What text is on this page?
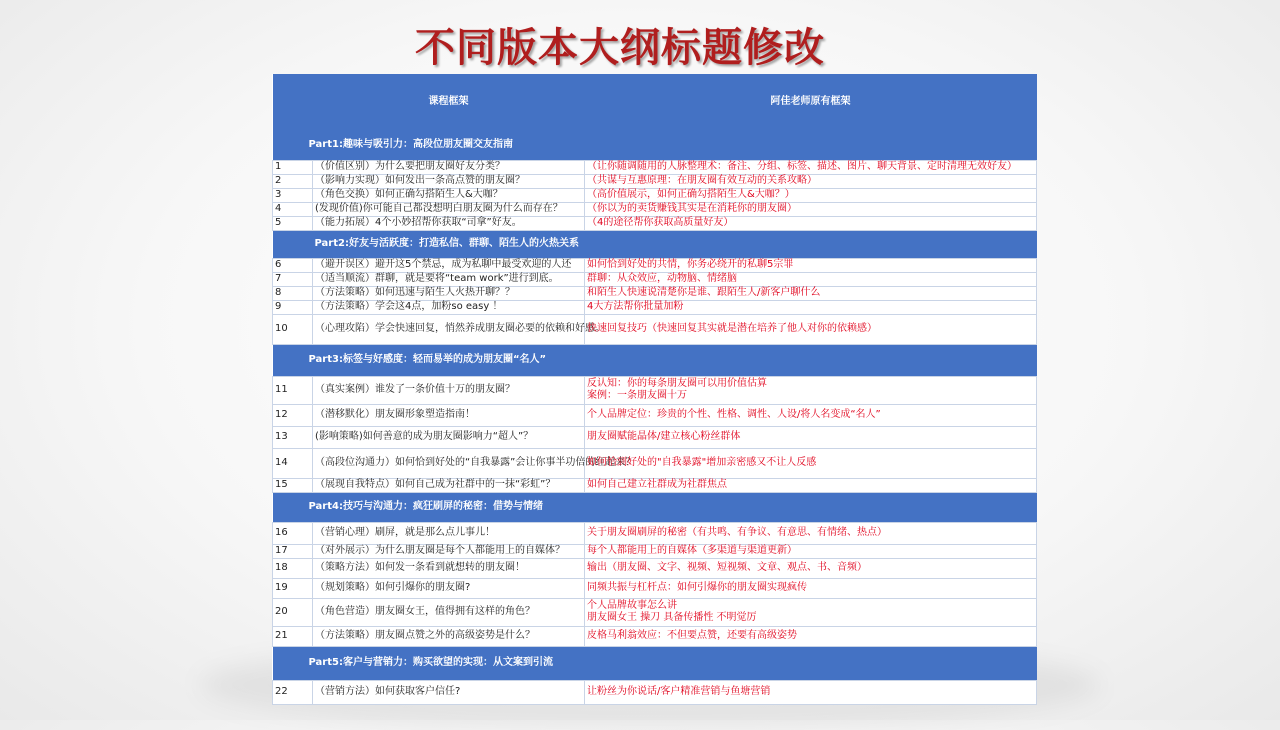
不同版本大纲标题修改
	课程框架	阿佳老师原有框架
Part1:趣味与吸引力：高段位朋友圈交友指南		
1	（价值区别）为什么要把朋友圈好友分类？	（让你随调随用的人脉整理术：备注、分组、标签、描述、图片、聊天背景、定时清理无效好友）
2	（影响力实现）如何发出一条高点赞的朋友圈？	（共谋与互惠原理：在朋友圈有效互动的关系攻略）
3	（角色交换）如何正确勾搭陌生人&大咖？	（高价值展示，如何正确勾搭陌生人&大咖？）
4	(发现价值)你可能自己都没想明白朋友圈为什么而存在？	（你以为的卖货赚钱其实是在消耗你的朋友圈）
5	（能力拓展）4个小妙招帮你获取“司拿”好友。	（4的途径帮你获取高质量好友）
	Part2:好友与活跃度：打造私信、群聊、陌生人的火热关系	
6	（避开误区）避开这5个禁忌，成为私聊中最受欢迎的人还	如何恰到好处的共情，你务必绕开的私聊5宗罪
7	（适当顺流）群聊，就是要将“team work”进行到底。	群聊：从众效应，动物脑、情绪脑
8	（方法策略）如何迅速与陌生人火热开聊？？	和陌生人快速说清楚你是谁、跟陌生人/新客户聊什么
9	（方法策略）学会这4点，加粉so easy ！	4大方法帮你批量加粉
10	（心理攻陷）学会快速回复，悄然养成朋友圈必要的依赖和好感。	快速回复技巧（快速回复其实就是潜在培养了他人对你的依赖感）
Part3:标签与好感度：轻而易举的成为朋友圈“名人”		
11	（真实案例）谁发了一条价值十万的朋友圈？	反认知：你的每条朋友圈可以用价值估算
案例：一条朋友圈十万
12	（潜移默化）朋友圈形象塑造指南！	个人品牌定位：珍贵的个性、性格、调性、人设/将人名变成“名人”
13	(影响策略)如何善意的成为朋友圈影响力“超人”？	朋友圈赋能晶体/建立核心粉丝群体
14	（高段位沟通力）如何恰到好处的“自我暴露”会让你事半功倍的红起来？	如何恰到好处的"自我暴露"增加亲密感又不让人反感
15	（展现自我特点）如何自己成为社群中的一抹“彩虹”？	如何自己建立社群成为社群焦点
Part4:技巧与沟通力：疯狂刷屏的秘密：借势与情绪		
16	（营销心理）刷屏，就是那么点儿事儿！	关于朋友圈刷屏的秘密（有共鸣、有争议、有意思、有情绪、热点）
17	（对外展示）为什么朋友圈是每个人都能用上的自媒体？	每个人都能用上的自媒体（多渠道与渠道更新）
18	（策略方法）如何发一条看到就想转的朋友圈！	输出（朋友圈、文字、视频、短视频、文章、观点、书、音频）
19	（规划策略）如何引爆你的朋友圈?	同频共振与杠杆点：如何引爆你的朋友圈实现疯传
20	（角色营造）朋友圈女王，值得拥有这样的角色？	个人品牌故事怎么讲
朋友圈女王 操刀 具备传播性 不明觉厉
21	（方法策略）朋友圈点赞之外的高级姿势是什么？	皮格马利翁效应：不但要点赞，还要有高级姿势
Part5:客户与营销力：购买欲望的实现：从文案到引流		
22	（营销方法）如何获取客户信任?	让粉丝为你说话/客户精准营销与鱼塘营销
